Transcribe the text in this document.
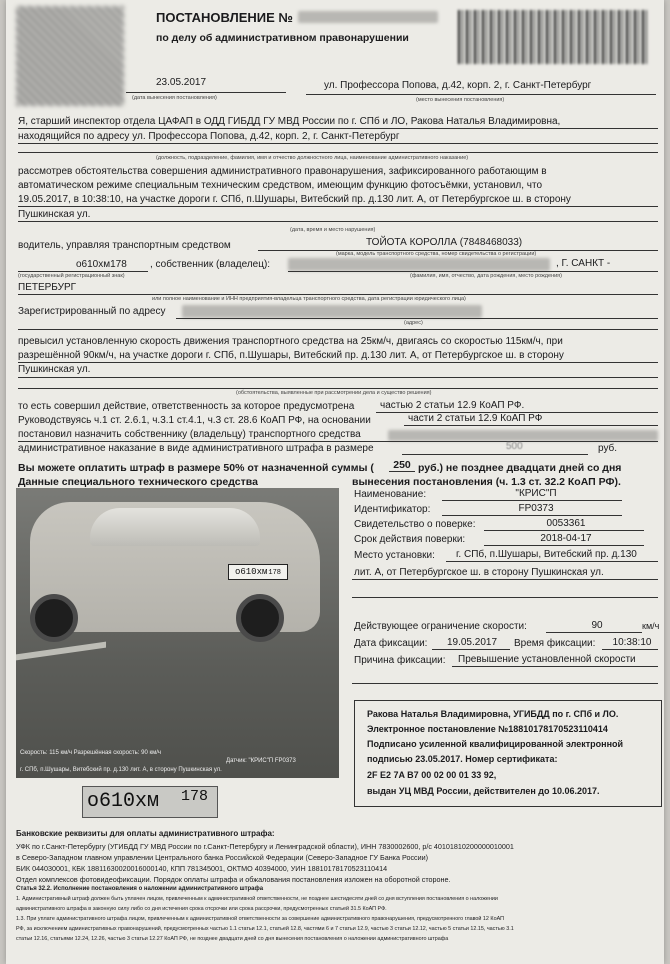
ПОСТАНОВЛЕНИЕ №
по делу об административном правонарушении
23.05.2017
(дата вынесения постановления)
ул. Профессора Попова, д.42, корп. 2, г. Санкт-Петербург
(место вынесения постановления)
Я, старший инспектор отдела ЦАФАП в ОДД ГИБДД ГУ МВД России по г. СПб и ЛО, Ракова Наталья Владимировна,
находящийся по адресу ул. Профессора Попова, д.42, корп. 2, г. Санкт-Петербург
(должность, подразделение, фамилия, имя и отчество должностного лица, наименование административного наказание)
рассмотрев обстоятельства совершения административного правонарушения, зафиксированного работающим в
автоматическом режиме специальным техническим средством, имеющим функцию фотосъёмки, установил, что
19.05.2017, в 10:38:10, на участке дороги г. СПб, п.Шушары, Витебский пр. д.130 лит. А, от Петербургское ш. в сторону
Пушкинская ул.
(дата, время и место нарушения)
водитель, управляя транспортным средством	ТОЙОТА КОРОЛЛА (7848468033)
(марка, модель транспортного средства, номер свидетельства о регистрации)
о610хм178 , собственник (владелец):	, Г. САНКТ -
(государственный регистрационный знак)	(фамилия, имя, отчество, дата рождения, место рождения)
ПЕТЕРБУРГ
или полное наименование и ИНН предприятия-владельца транспортного средства, дата регистрации юридического лица)
Зарегистрированный по адресу
(адрес)
превысил установленную скорость движения транспортного средства на 25км/ч, двигаясь со скоростью 115км/ч, при
разрешённой 90км/ч, на участке дороги г. СПб, п.Шушары, Витебский пр. д.130 лит. А, от Петербургское ш. в сторону
Пушкинская ул.
(обстоятельства, выявленные при рассмотрении дела и существо решения)
то есть совершил действие, ответственность за которое предусмотрена	частью 2 статьи 12.9 КоАП РФ.
Руководствуясь ч.1 ст. 2.6.1, ч.3.1 ст.4.1, ч.3 ст. 28.6 КоАП РФ, на основании	части 2 статьи 12.9 КоАП РФ
постановил назначить собственнику (владельцу) транспортного средства
административное наказание в виде административного штрафа в размере	500	руб.
Вы можете оплатить штраф в размере 50% от назначенной суммы (	250 руб.) не позднее двадцати дней со дня
вынесения постановления (ч. 1.3 ст. 32.2 КоАП РФ).
Данные специального технического средства
о610хм178
Скорость: 115 км/ч Разрешённая скорость: 90 км/ч
Датчик: "КРИС"П FP0373
г. СПб, п.Шушары, Витебский пр. д.130 лит. А, в сторону Пушкинская ул.
о610хм 178
Наименование:	"КРИС"П
Идентификатор:	FP0373
Свидетельство о поверке:	0053361
Срок действия поверки:	2018-04-17
Место установки: г. СПб, п.Шушары, Витебский пр. д.130
лит. А, от Петербургское ш. в сторону Пушкинская ул.
Действующее ограничение скорости:	90	км/ч
Дата фиксации:	19.05.2017	Время фиксации:	10:38:10
Причина фиксации: Превышение установленной скорости
Ракова Наталья Владимировна, УГИБДД по г. СПб и ЛО.
Электронное постановление №18810178170523110414
Подписано усиленной квалифицированной электронной
подписью 23.05.2017. Номер сертификата:
2F E2 7A B7 00 02 00 01 33 92,
выдан УЦ МВД России, действителен до 10.06.2017.
Банковские реквизиты для оплаты административного штрафа:
УФК по г.Санкт-Петербургу (УГИБДД ГУ МВД России по г.Санкт-Петербургу и Ленинградской области), ИНН 7830002600, р/с 40101810200000010001
в Северо-Западном главном управлении Центрального банка Российской Федерации (Северо-Западное ГУ Банка России)
БИК 044030001, КБК 18811630020016000140, КПП 781345001, ОКТМО 40394000, УИН 18810178170523110414
Отдел комплексов фотовидеофиксации. Порядок оплаты штрафа и обжалования постановления изложен на оборотной стороне.
Статья 32.2. Исполнение постановления о наложении административного штрафа
1. Административный штраф должен быть уплачен лицом, привлеченным к административной ответственности, не позднее шестидесяти дней со дня вступления постановления о наложении
административного штрафа в законную силу либо со дня истечения срока отсрочки или срока рассрочки, предусмотренных статьей 31.5 КоАП РФ.
1.3. При уплате административного штрафа лицом, привлеченным к административной ответственности за совершение административного правонарушения, предусмотренного главой 12 КоАП
РФ, за исключением административных правонарушений, предусмотренных частью 1.1 статьи 12.1, статьей 12.8, частями 6 и 7 статьи 12.9, частью 3 статьи 12.12, частью 5 статьи 12.15, частью 3.1
статьи 12.16, статьями 12.24, 12.26, частью 3 статьи 12.27 КоАП РФ, не позднее двадцати дней со дня вынесения постановления о наложении административного штрафа
